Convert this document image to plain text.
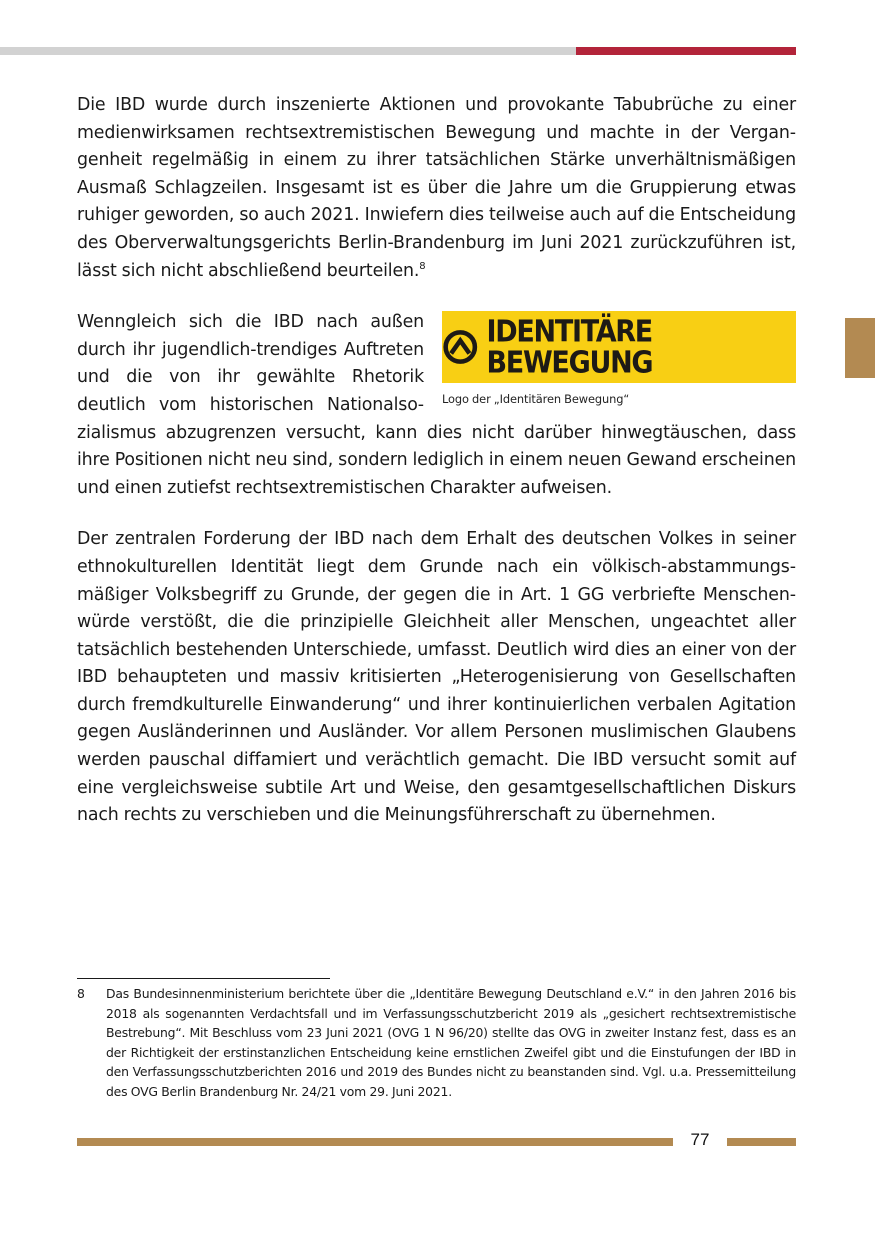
Die IBD wurde durch inszenierte Aktionen und provokante Tabubrüche zu einer medienwirksamen rechtsextremistischen Bewegung und machte in der Vergangenheit regelmäßig in einem zu ihrer tatsächlichen Stärke unverhältnismäßigen Ausmaß Schlagzeilen. Insgesamt ist es über die Jahre um die Gruppierung etwas ruhiger geworden, so auch 2021. Inwiefern dies teilweise auch auf die Entscheidung des Oberverwaltungsgerichts Berlin-Brandenburg im Juni 2021 zurückzuführen ist, lässt sich nicht abschließend beurteilen.$^8$

IDENTITÄRE BEWEGUNG
Logo der „Identitären Bewegung“
Wenngleich sich die IBD nach außen durch ihr jugendlich-trendiges Auftreten und die von ihr gewählte Rhetorik deutlich vom historischen Nationalsozialismus abzugrenzen versucht, kann dies nicht darüber hinwegtäuschen, dass ihre Positionen nicht neu sind, sondern lediglich in einem neuen Gewand erscheinen und einen zutiefst rechtsextremistischen Charakter aufweisen.

Der zentralen Forderung der IBD nach dem Erhalt des deutschen Volkes in seiner ethnokulturellen Identität liegt dem Grunde nach ein völkisch-abstammungsmäßiger Volksbegriff zu Grunde, der gegen die in Art. 1 GG verbriefte Menschenwürde verstößt, die die prinzipielle Gleichheit aller Menschen, ungeachtet aller tatsächlich bestehenden Unterschiede, umfasst. Deutlich wird dies an einer von der IBD behaupteten und massiv kritisierten „Heterogenisierung von Gesellschaften durch fremdkulturelle Einwanderung“ und ihrer kontinuierlichen verbalen Agitation gegen Ausländerinnen und Ausländer. Vor allem Personen muslimischen Glaubens werden pauschal diffamiert und verächtlich gemacht. Die IBD versucht somit auf eine vergleichsweise subtile Art und Weise, den gesamtgesellschaftlichen Diskurs nach rechts zu verschieben und die Meinungsführerschaft zu übernehmen.

8	Das Bundesinnenministerium berichtete über die „Identitäre Bewegung Deutschland e.V.“ in den Jahren 2016 bis 2018 als sogenannten Verdachtsfall und im Verfassungsschutzbericht 2019 als „gesichert rechtsextremistische Bestrebung“. Mit Beschluss vom 23 Juni 2021 (OVG 1 N 96/20) stellte das OVG in zweiter Instanz fest, dass es an der Richtigkeit der erstinstanzlichen Entscheidung keine ernstlichen Zweifel gibt und die Einstufungen der IBD in den Verfassungsschutzberichten 2016 und 2019 des Bundes nicht zu beanstanden sind. Vgl. u.a. Pressemitteilung des OVG Berlin Brandenburg Nr. 24/21 vom 29. Juni 2021.
77
